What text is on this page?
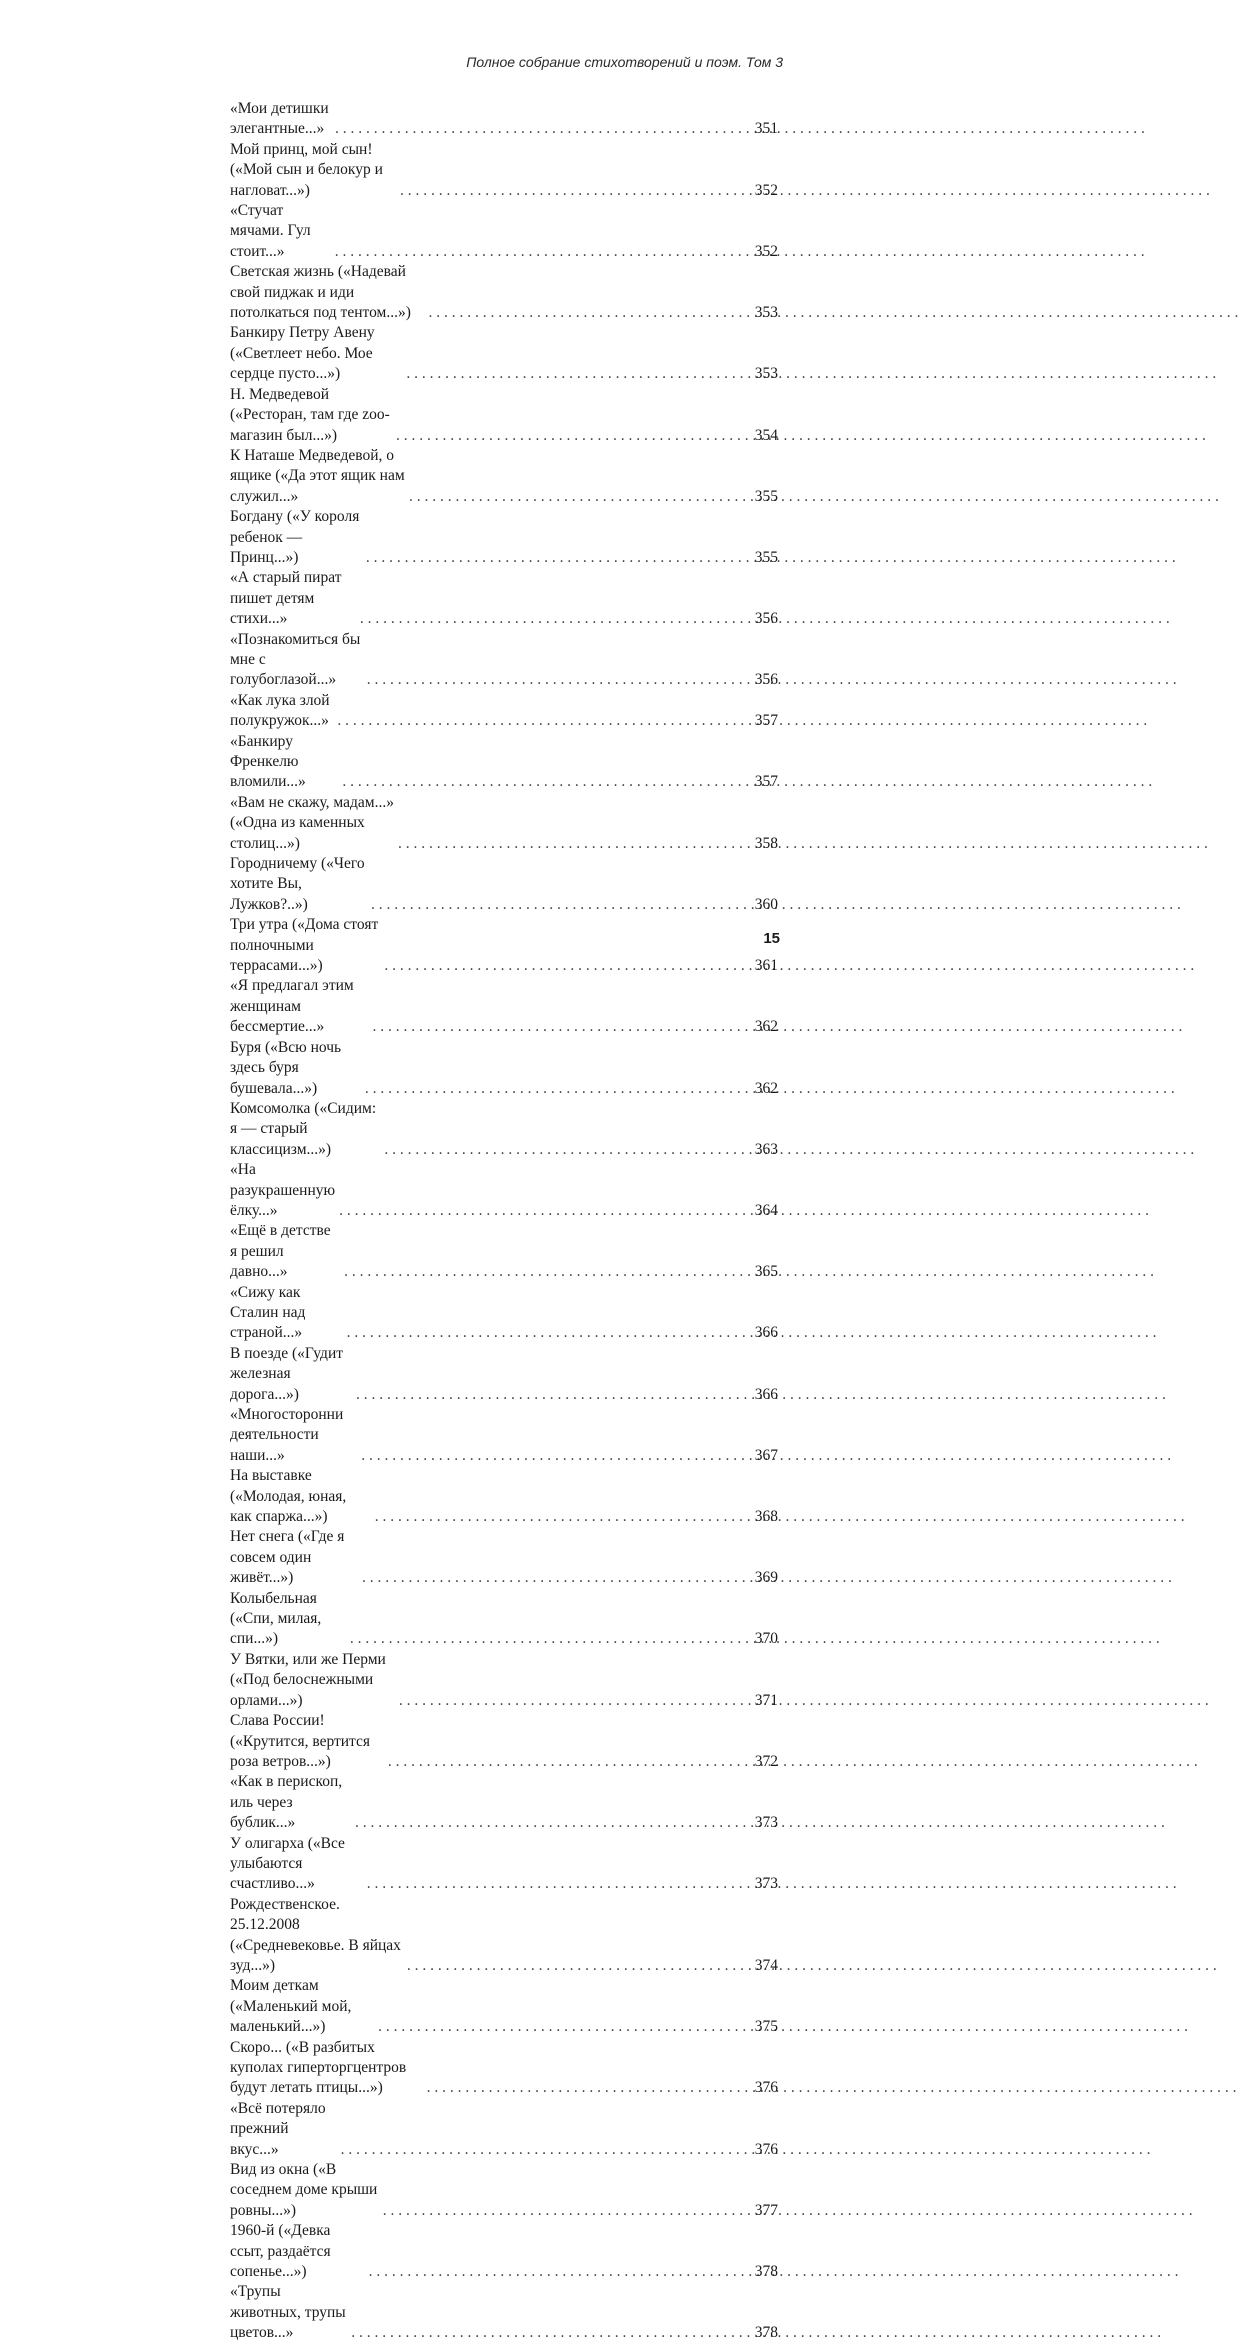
Полное собрание стихотворений и поэм. Том 3
«Мои детишки элегантные...» . . .	351
Мой принц, мой сын! («Мой сын и белокур и нагловат...») . . .	352
«Стучат мячами. Гул стоит...» . . .	352
Светская жизнь («Надевай свой пиджак и иди потолкаться под тентом...») . . .	353
Банкиру Петру Авену («Светлеет небо. Мое сердце пусто...») . . .	353
Н. Медведевой («Ресторан, там где zoo-магазин был...») . . .	354
К Наташе Медведевой, о ящике («Да этот ящик нам служил...» . . .	355
Богдану («У короля ребенок — Принц...») . . .	355
«А старый пират пишет детям стихи...» . . .	356
«Познакомиться бы мне с голубоглазой...» . . .	356
«Как лука злой полукружок...» . . .	357
«Банкиру Френкелю вломили...» . . .	357
«Вам не скажу, мадам...» («Одна из каменных столиц...») . . .	358
Городничему («Чего хотите Вы, Лужков?..») . . .	360
Три утра («Дома стоят полночными террасами...») . . .	361
«Я предлагал этим женщинам бессмертие...» . . .	362
Буря («Всю ночь здесь буря бушевала...») . . .	362
Комсомолка («Сидим: я — старый классицизм...») . . .	363
«На разукрашенную ёлку...» . . .	364
«Ещё в детстве я решил давно...» . . .	365
«Сижу как Сталин над страной...» . . .	366
В поезде («Гудит железная дорога...») . . .	366
«Многосторонни деятельности наши...» . . .	367
На выставке («Молодая, юная, как спаржа...») . . .	368
Нет снега («Где я совсем один живёт...») . . .	369
Колыбельная («Спи, милая, спи...») . . .	370
У Вятки, или же Перми («Под белоснежными орлами...») . . .	371
Слава России! («Крутится, вертится роза ветров...») . . .	372
«Как в перископ, иль через бублик...» . . .	373
У олигарха («Все улыбаются счастливо...» . . .	373
Рождественское. 25.12.2008 («Средневековье. В яйцах зуд...») . . .	374
Моим деткам («Маленький мой, маленький...») . . .	375
Скоро... («В разбитых куполах гиперторгцентров будут летать птицы...») . . .	376
«Всё потеряло прежний вкус...» . . .	376
Вид из окна («В соседнем доме крыши ровны...») . . .	377
1960-й («Девка ссыт, раздаётся сопенье...») . . .	378
«Трупы животных, трупы цветов...» . . .	378
15
